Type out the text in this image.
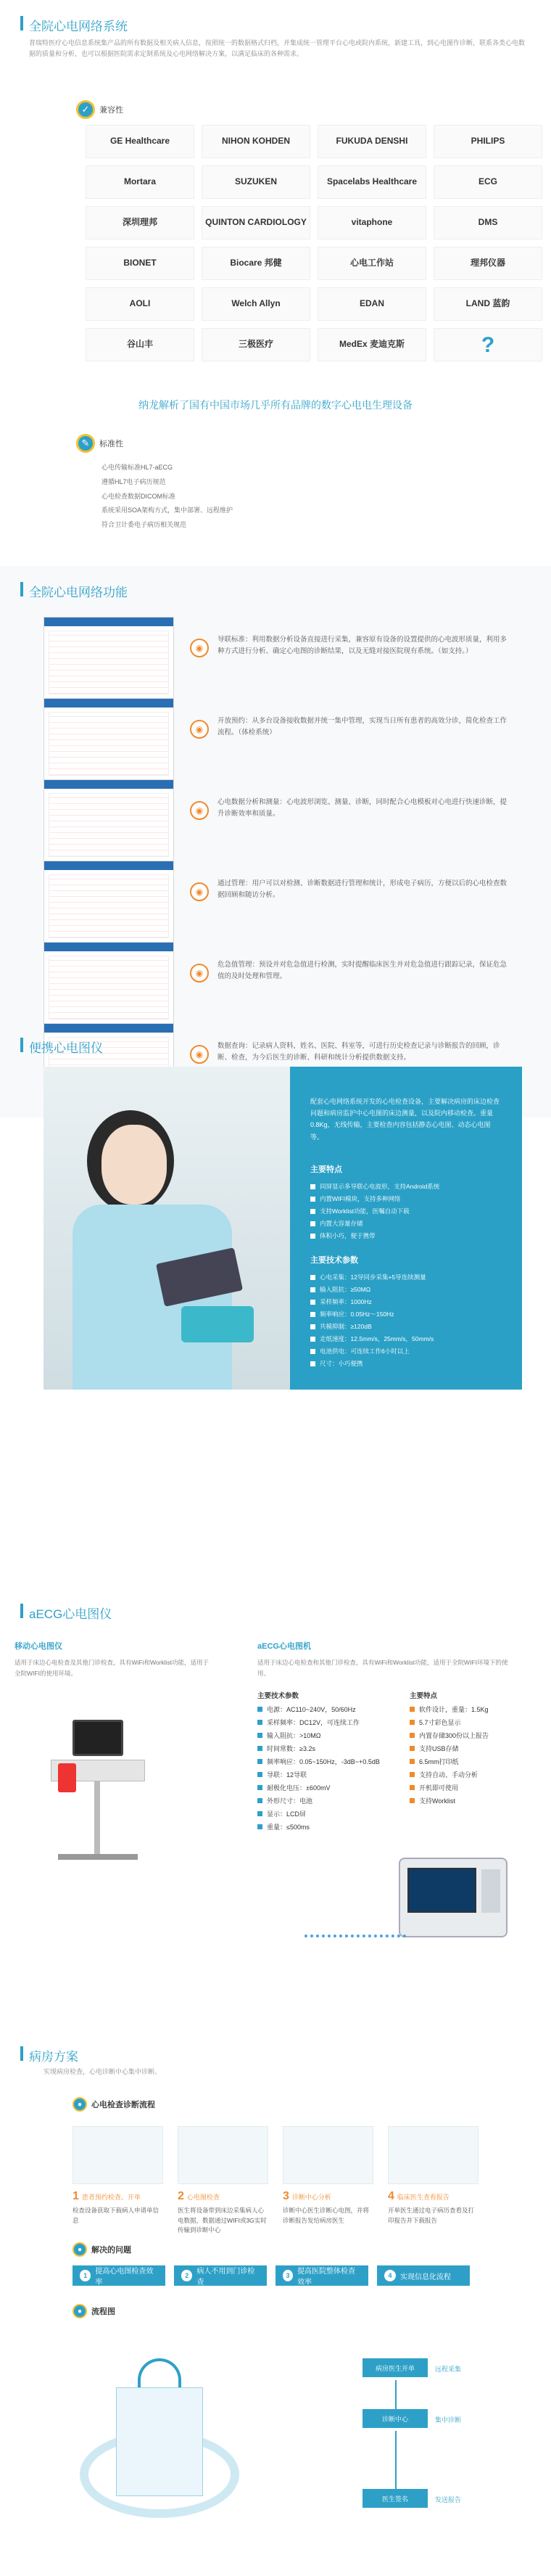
全院心电网络系统

普瑞特医疗心电信息系统集产品的所有数据及相关病人信息，按照统一的数据格式归档，并集成统一管理平台心电或院内系统，新建工具，到心电图作诊断，联系各类心电数据的质量和分析，也可以根据医院需求定制系统及心电网络解决方案，以满足临床的各种需求。

✓	兼容性
GE Healthcare	NIHON KOHDEN	FUKUDA DENSHI	PHILIPS
Mortara	SUZUKEN	Spacelabs Healthcare	ECG
深圳理邦	QUINTON CARDIOLOGY	vitaphone	DMS
BIONET	Biocare 邦健	心电工作站	理邦仪器
AOLI	Welch Allyn	EDAN	LAND 蓝韵
谷山丰	三极医疗	MedEx 麦迪克斯	?

纳龙解析了国有中国市场几乎所有品牌的数字心电电生理设备

✎	标准性
心电传输标准HL7-aECG
遵循HL7电子病历规范
心电检查数据DICOM标准
系统采用SOA架构方式，集中部署、远程维护
符合卫计委电子病历相关规范
全院心电网络功能
◉

导联标准：利用数据分析设备直接进行采集，兼容原有设备的设置提供的心电波形质量，利用多种方式进行分析、确定心电图的诊断结果，以及无缝对接医院现有系统。（如支持。）

◉

开放预约：从多台设备接收数据并统一集中管理，实现当日所有患者的高效分诊，简化检查工作流程。（体检系统）

◉

心电数据分析和测量：心电波形浏览、测量、诊断，同时配合心电模板对心电进行快速诊断，提升诊断效率和质量。

◉

通过管理：用户可以对检测、诊断数据进行管理和统计，形成电子病历，方便以后的心电检查数据回顾和随访分析。

◉

危急值管理：预设并对危急值进行检测，实时提醒临床医生并对危急值进行跟踪记录，保证危急值的及时处理和管理。

◉

数据查询：记录病人资料，姓名、医院、科室等，可进行历史检查记录与诊断报告的回顾，诊断、检查，为今后医生的诊断、科研和统计分析提供数据支持。

便携心电图仪

配套心电网络系统开发的心电检查设备，主要解决病房的床边检查问题和病房监护中心电图的床边测量，以及院内移动检查。重量0.8Kg，无线传输，主要检查内容包括静态心电图、动态心电图等。

主要特点
同屏显示多导联心电波形，支持Android系统
内置WIFI模块，支持多种网络
支持Worklist功能，医嘱自动下载
内置大容量存储
体积小巧，便于携带
主要技术参数
心电采集：12导同步采集+5导连续测量
输入阻抗：≥50MΩ
采样频率：1000Hz
频率响应：0.05Hz～150Hz
共模抑制：≥120dB
走纸速度：12.5mm/s，25mm/s，50mm/s
电池供电：可连续工作6小时以上
尺寸：小巧便携
aECG心电图仪
移动心电图仪

适用于床边心电检查及其他门诊检查，具有WiFi和Worklist功能，适用于全院WIFI的使用环境。

aECG心电图机

适用于床边心电检查和其他门诊检查，具有WiFi和Worklist功能，适用于全院WIFI环境下的使用。

主要技术参数
电源：AC110~240V，50/60Hz
采样频率：DC12V，可连续工作
输入阻抗：>10MΩ
时间常数：≥3.2s
频率响应：0.05~150Hz，-3dB~+0.5dB
导联：12导联
耐极化电压：±600mV
外形尺寸：电池
显示：LCD屏
重量：≤500ms
主要特点
软件设计，重量：1.5Kg
5.7寸彩色显示
内置存储300份以上报告
支持USB存储
6.5mm打印纸
支持自动、手动分析
开机即可使用
支持Worklist
病房方案

实现病房检查，心电诊断中心集中诊断。

●	心电检查诊断流程
1 患者预约检查、开单

检查设备获取下载病人申请单信息

2 心电图检查

医生将设备带到床边采集病人心电数据，数据通过WIFI或3G实时传输到诊断中心

3 诊断中心分析

诊断中心医生诊断心电图，并将诊断报告发给病房医生

4 临床医生查看报告

开单医生通过电子病历查看及打印报告并下载报告

●	解决的问题
1	提高心电图检查效率
2	病人不用到门诊检查
3	提高医院整体检查效率
4	实现信息化流程
●	流程图
病房医生开单	远程采集
诊断中心	集中诊断
医生签名	发送报告
